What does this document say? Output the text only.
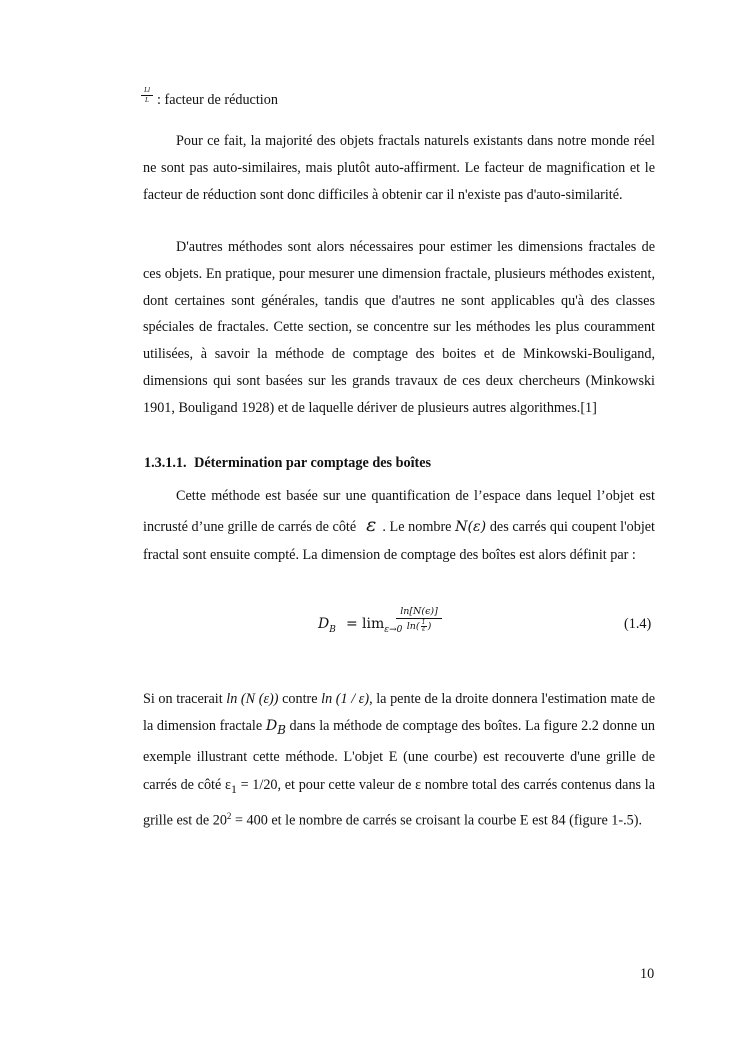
Ll
L : facteur de réduction

Pour ce fait, la majorité des objets fractals naturels existants dans notre monde réel ne sont pas auto-similaires, mais plutôt auto-affirment. Le facteur de magnification et le facteur de réduction sont donc difficiles à obtenir car il n'existe pas d'auto-similarité.

D'autres méthodes sont alors nécessaires pour estimer les dimensions fractales de ces objets. En pratique, pour mesurer une dimension fractale, plusieurs méthodes existent, dont certaines sont générales, tandis que d'autres ne sont applicables qu'à des classes spéciales de fractales. Cette section, se concentre sur les méthodes les plus couramment utilisées, à savoir la méthode de comptage des boites et de Minkowski-Bouligand, dimensions qui sont basées sur les grands travaux de ces deux chercheurs (Minkowski 1901, Bouligand 1928) et de laquelle dériver de plusieurs autres algorithmes.[1]

1.3.1.1. Détermination par comptage des boîtes

Cette méthode est basée sur une quantification de l’espace dans lequel l’objet est incrusté d’une grille de carrés de côté ε . Le nombre N(ε) des carrés qui coupent l'objet fractal sont ensuite compté. La dimension de comptage des boîtes est alors définit par :

$D_B = \lim_{\varepsilon\to 0}$
ln[N(ϵ)]
ln( 1
ε )	(1.4)

Si on tracerait ln (N (ε)) contre ln (1 / ε), la pente de la droite donnera l'estimation mate de la dimension fractale $D_B$ dans la méthode de comptage des boîtes. La figure 2.2 donne un exemple illustrant cette méthode. L'objet E (une courbe) est recouverte d'une grille de carrés de côté $\varepsilon_1 = 1/20$, et pour cette valeur de ε nombre total des carrés contenus dans la grille est de $20^2 = 400$ et le nombre de carrés se croisant la courbe E est 84 (figure 1-.5).

10
